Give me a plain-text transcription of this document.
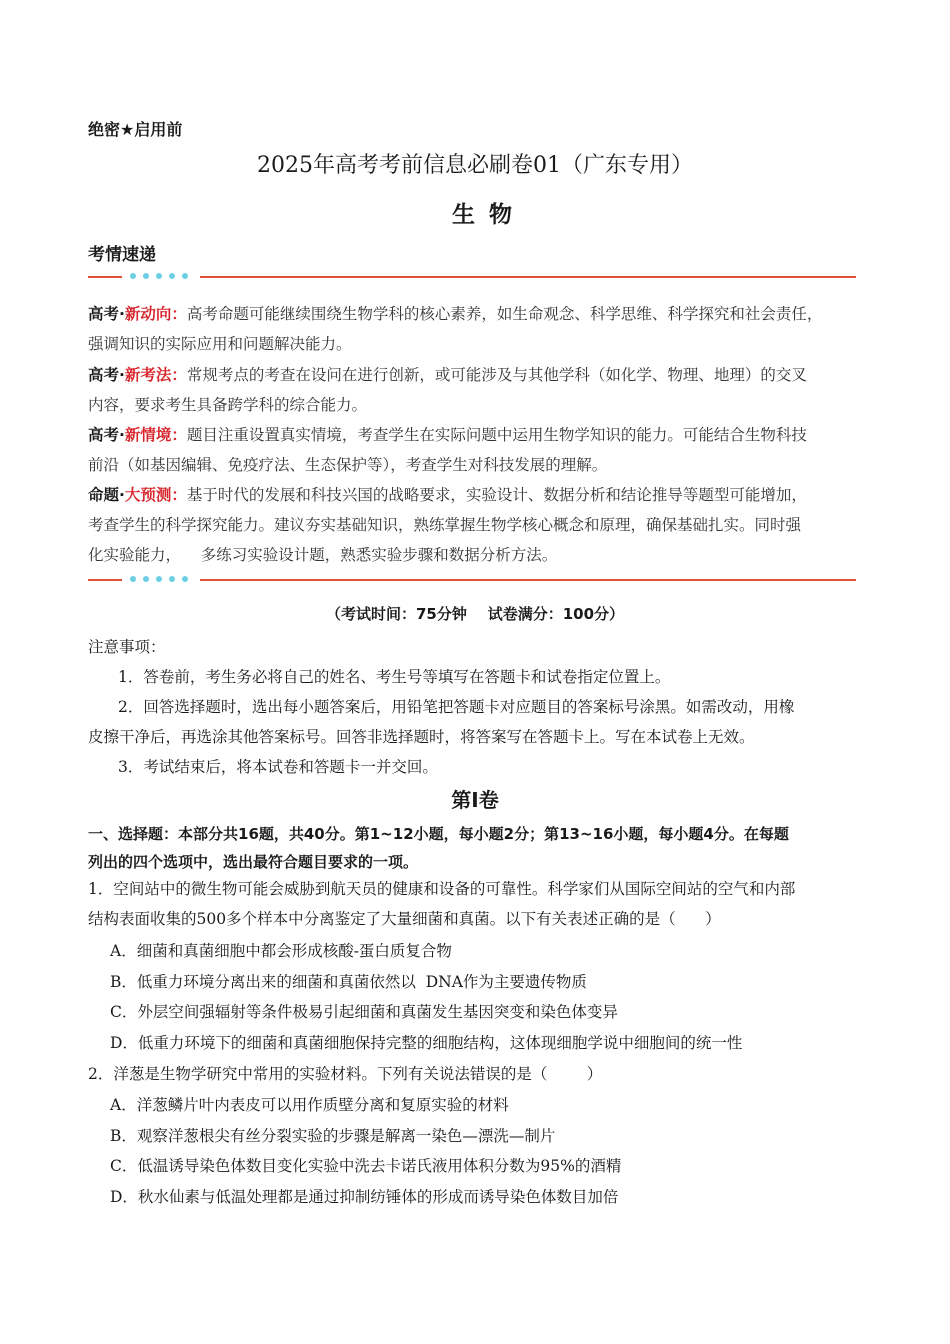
绝密★启用前
2025年高考考前信息必刷卷01（广东专用）
生物
考情速递
高考·新动向：高考命题可能继续围绕生物学科的核心素养，如生命观念、科学思维、科学探究和社会责任，
强调知识的实际应用和问题解决能力。
高考·新考法：常规考点的考查在设问在进行创新，或可能涉及与其他学科（如化学、物理、地理）的交叉
内容，要求考生具备跨学科的综合能力。
高考·新情境：题目注重设置真实情境，考查学生在实际问题中运用生物学知识的能力。可能结合生物科技
前沿（如基因编辑、免疫疗法、生态保护等），考查学生对科技发展的理解。
命题·大预测：基于时代的发展和科技兴国的战略要求，实验设计、数据分析和结论推导等题型可能增加，
考查学生的科学探究能力。建议夯实基础知识，熟练掌握生物学核心概念和原理，确保基础扎实。同时强
化实验能力，    多练习实验设计题，熟悉实验步骤和数据分析方法。
（考试时间：75分钟    试卷满分：100分）
注意事项：
1．答卷前，考生务必将自己的姓名、考生号等填写在答题卡和试卷指定位置上。
2．回答选择题时，选出每小题答案后，用铅笔把答题卡对应题目的答案标号涂黑。如需改动，用橡
皮擦干净后，再选涂其他答案标号。回答非选择题时，将答案写在答题卡上。写在本试卷上无效。
3．考试结束后，将本试卷和答题卡一并交回。
第Ⅰ卷
一、选择题：本部分共16题，共40分。第1~12小题，每小题2分；第13~16小题，每小题4分。在每题
列出的四个选项中，选出最符合题目要求的一项。
1．空间站中的微生物可能会威胁到航天员的健康和设备的可靠性。科学家们从国际空间站的空气和内部
结构表面收集的500多个样本中分离鉴定了大量细菌和真菌。以下有关表述正确的是（      ）
A．细菌和真菌细胞中都会形成核酸-蛋白质复合物
B．低重力环境分离出来的细菌和真菌依然以  DNA作为主要遗传物质
C．外层空间强辐射等条件极易引起细菌和真菌发生基因突变和染色体变异
D．低重力环境下的细菌和真菌细胞保持完整的细胞结构，这体现细胞学说中细胞间的统一性
2．洋葱是生物学研究中常用的实验材料。下列有关说法错误的是（        ）
A．洋葱鳞片叶内表皮可以用作质壁分离和复原实验的材料
B．观察洋葱根尖有丝分裂实验的步骤是解离一染色—漂洗—制片
C．低温诱导染色体数目变化实验中洗去卡诺氏液用体积分数为95%的酒精
D．秋水仙素与低温处理都是通过抑制纺锤体的形成而诱导染色体数目加倍
